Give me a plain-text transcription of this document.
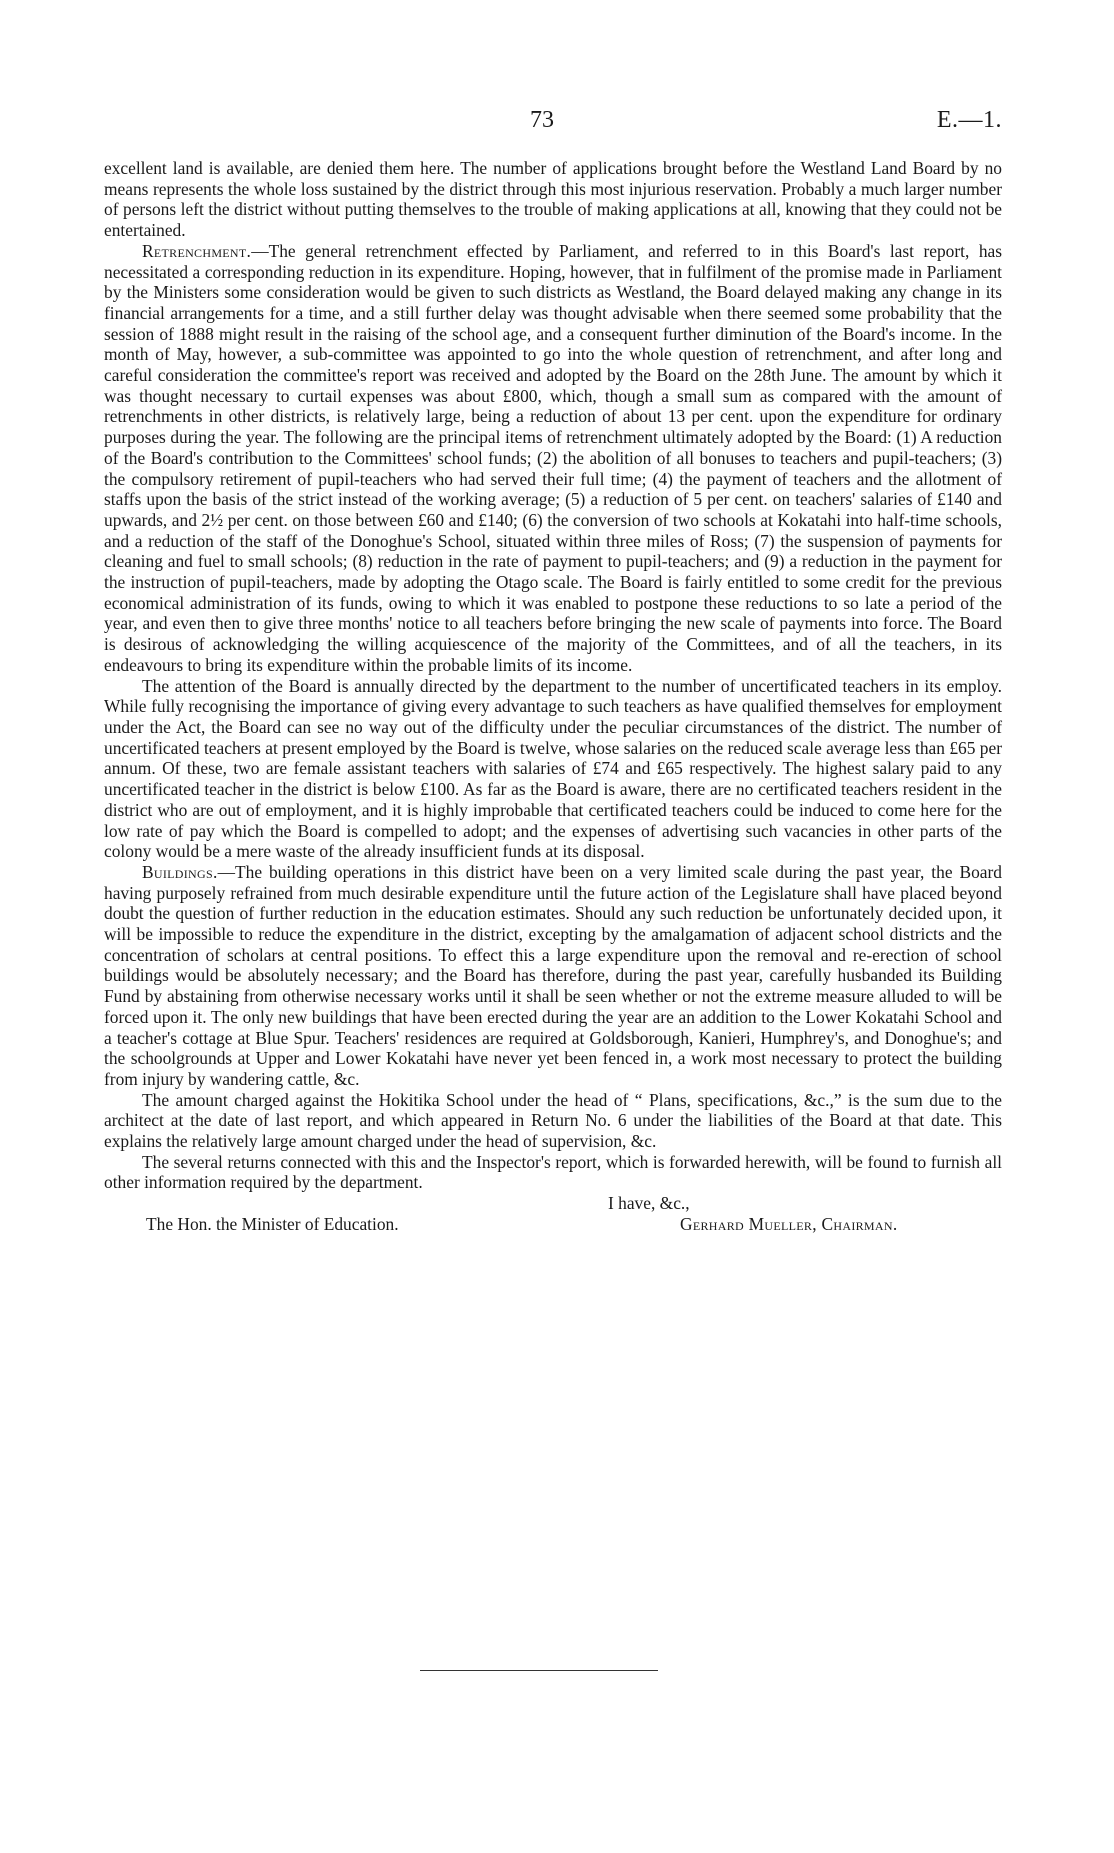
73	E.—1.

excellent land is available, are denied them here. The number of applications brought before the Westland Land Board by no means represents the whole loss sustained by the district through this most injurious reservation. Probably a much larger number of persons left the district without putting themselves to the trouble of making applications at all, knowing that they could not be entertained.

Retrenchment.—The general retrenchment effected by Parliament, and referred to in this Board's last report, has necessitated a corresponding reduction in its expenditure. Hoping, however, that in fulfilment of the promise made in Parliament by the Ministers some consideration would be given to such districts as Westland, the Board delayed making any change in its financial arrangements for a time, and a still further delay was thought advisable when there seemed some probability that the session of 1888 might result in the raising of the school age, and a consequent further diminution of the Board's income. In the month of May, however, a sub-committee was appointed to go into the whole question of retrenchment, and after long and careful consideration the committee's report was received and adopted by the Board on the 28th June. The amount by which it was thought necessary to curtail expenses was about £800, which, though a small sum as compared with the amount of retrenchments in other districts, is relatively large, being a reduction of about 13 per cent. upon the expenditure for ordinary purposes during the year. The following are the principal items of retrenchment ultimately adopted by the Board: (1) A reduction of the Board's contribution to the Committees' school funds; (2) the abolition of all bonuses to teachers and pupil-teachers; (3) the compulsory retirement of pupil-teachers who had served their full time; (4) the payment of teachers and the allotment of staffs upon the basis of the strict instead of the working average; (5) a reduction of 5 per cent. on teachers' salaries of £140 and upwards, and 2½ per cent. on those between £60 and £140; (6) the conversion of two schools at Kokatahi into half-time schools, and a reduction of the staff of the Donoghue's School, situated within three miles of Ross; (7) the suspension of payments for cleaning and fuel to small schools; (8) reduction in the rate of payment to pupil-teachers; and (9) a reduction in the payment for the instruction of pupil-teachers, made by adopting the Otago scale. The Board is fairly entitled to some credit for the previous economical administration of its funds, owing to which it was enabled to postpone these reductions to so late a period of the year, and even then to give three months' notice to all teachers before bringing the new scale of payments into force. The Board is desirous of acknowledging the willing acquiescence of the majority of the Committees, and of all the teachers, in its endeavours to bring its expenditure within the probable limits of its income.

The attention of the Board is annually directed by the department to the number of uncertificated teachers in its employ. While fully recognising the importance of giving every advantage to such teachers as have qualified themselves for employment under the Act, the Board can see no way out of the difficulty under the peculiar circumstances of the district. The number of uncertificated teachers at present employed by the Board is twelve, whose salaries on the reduced scale average less than £65 per annum. Of these, two are female assistant teachers with salaries of £74 and £65 respectively. The highest salary paid to any uncertificated teacher in the district is below £100. As far as the Board is aware, there are no certificated teachers resident in the district who are out of employment, and it is highly improbable that certificated teachers could be induced to come here for the low rate of pay which the Board is compelled to adopt; and the expenses of advertising such vacancies in other parts of the colony would be a mere waste of the already insufficient funds at its disposal.

Buildings.—The building operations in this district have been on a very limited scale during the past year, the Board having purposely refrained from much desirable expenditure until the future action of the Legislature shall have placed beyond doubt the question of further reduction in the education estimates. Should any such reduction be unfortunately decided upon, it will be impossible to reduce the expenditure in the district, excepting by the amalgamation of adjacent school districts and the concentration of scholars at central positions. To effect this a large expenditure upon the removal and re-erection of school buildings would be absolutely necessary; and the Board has therefore, during the past year, carefully husbanded its Building Fund by abstaining from otherwise necessary works until it shall be seen whether or not the extreme measure alluded to will be forced upon it. The only new buildings that have been erected during the year are an addition to the Lower Kokatahi School and a teacher's cottage at Blue Spur. Teachers' residences are required at Goldsborough, Kanieri, Humphrey's, and Donoghue's; and the schoolgrounds at Upper and Lower Kokatahi have never yet been fenced in, a work most necessary to protect the building from injury by wandering cattle, &c.

The amount charged against the Hokitika School under the head of “ Plans, specifications, &c.,” is the sum due to the architect at the date of last report, and which appeared in Return No. 6 under the liabilities of the Board at that date. This explains the relatively large amount charged under the head of supervision, &c.

The several returns connected with this and the Inspector's report, which is forwarded herewith, will be found to furnish all other information required by the department.

I have, &c.,
The Hon. the Minister of Education.	Gerhard Mueller, Chairman.
